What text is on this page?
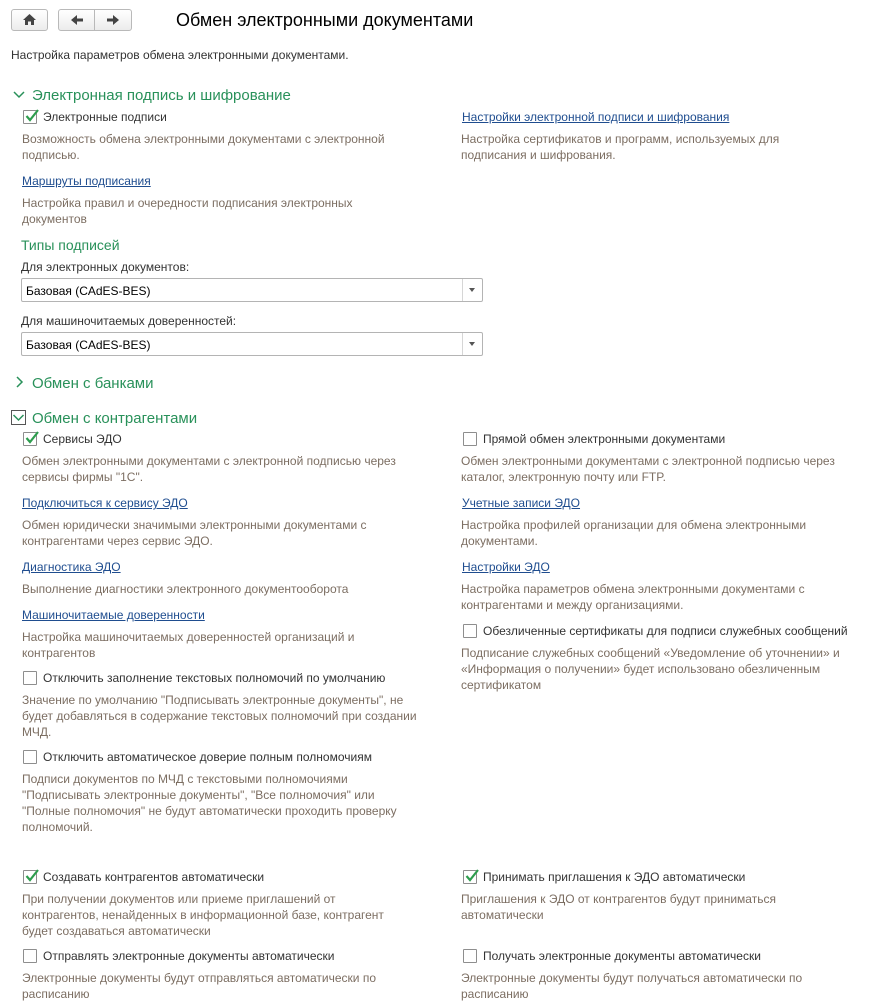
Обмен электронными документами
Настройка параметров обмена электронными документами.
Электронная подпись и шифрование
Электронные подписи
Возможность обмена электронными документами с электронной подписью.
Настройки электронной подписи и шифрования
Настройка сертификатов и программ, используемых для подписания и шифрования.
Маршруты подписания
Настройка правил и очередности подписания электронных документов
Типы подписей
Для электронных документов:
Базовая (CAdES-BES)
Для машиночитаемых доверенностей:
Базовая (CAdES-BES)
Обмен с банками
Обмен с контрагентами
Сервисы ЭДО
Обмен электронными документами с электронной подписью через сервисы фирмы "1С".
Прямой обмен электронными документами
Обмен электронными документами с электронной подписью через каталог, электронную почту или FTP.
Подключиться к сервису ЭДО
Обмен юридически значимыми электронными документами с контрагентами через сервис ЭДО.
Учетные записи ЭДО
Настройка профилей организации для обмена электронными документами.
Диагностика ЭДО
Выполнение диагностики электронного документооборота
Настройки ЭДО
Настройка параметров обмена электронными документами с контрагентами и между организациями.
Машиночитаемые доверенности
Настройка машиночитаемых доверенностей организаций и контрагентов
Обезличенные сертификаты для подписи служебных сообщений
Подписание служебных сообщений «Уведомление об уточнении» и «Информация о получении» будет использовано обезличенным сертификатом
Отключить заполнение текстовых полномочий по умолчанию
Значение по умолчанию "Подписывать электронные документы", не будет добавляться в содержание текстовых полномочий при создании МЧД.
Отключить автоматическое доверие полным полномочиям
Подписи документов по МЧД с текстовыми полномочиями "Подписывать электронные документы", "Все полномочия" или "Полные полномочия" не будут автоматически проходить проверку полномочий.
Создавать контрагентов автоматически
При получении документов или приеме приглашений от контрагентов, ненайденных в информационной базе, контрагент будет создаваться автоматически
Принимать приглашения к ЭДО автоматически
Приглашения к ЭДО от контрагентов будут приниматься автоматически
Отправлять электронные документы автоматически
Электронные документы будут отправляться автоматически по расписанию
Получать электронные документы автоматически
Электронные документы будут получаться автоматически по расписанию
